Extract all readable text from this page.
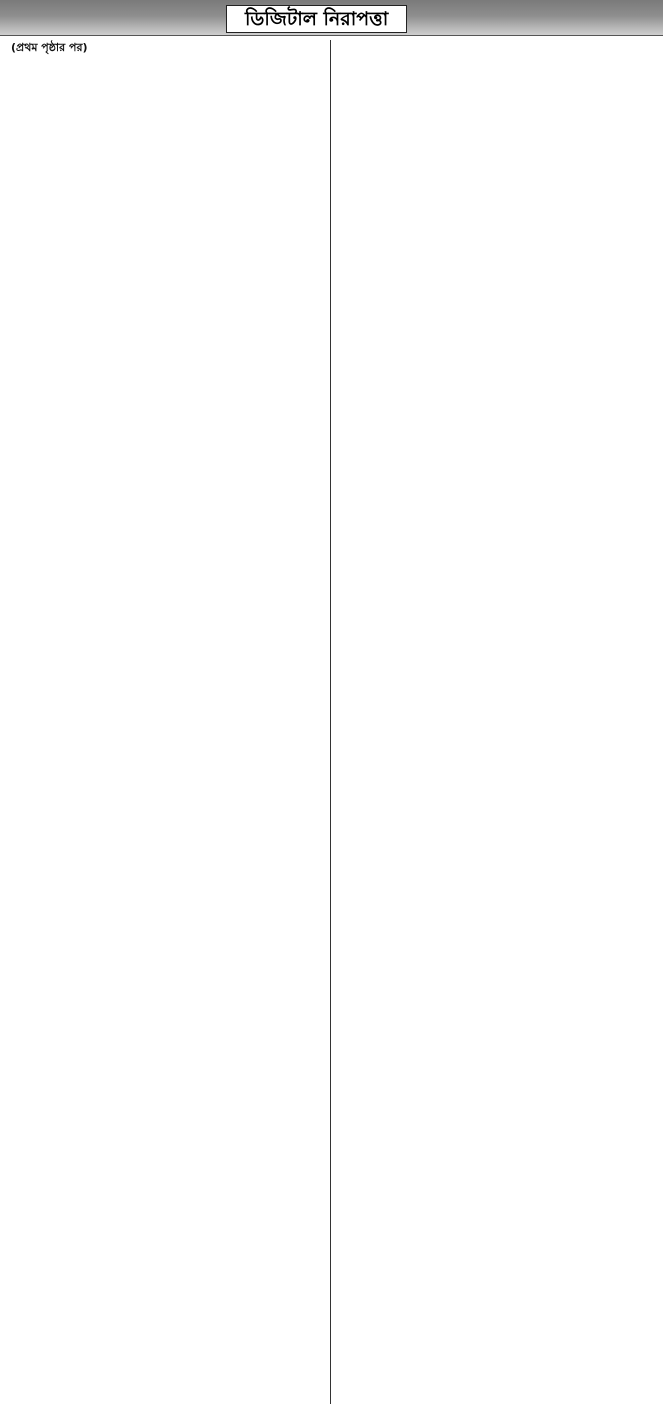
ডিজিটাল নিরাপত্তা

(প্রথম পৃষ্ঠার পর)
